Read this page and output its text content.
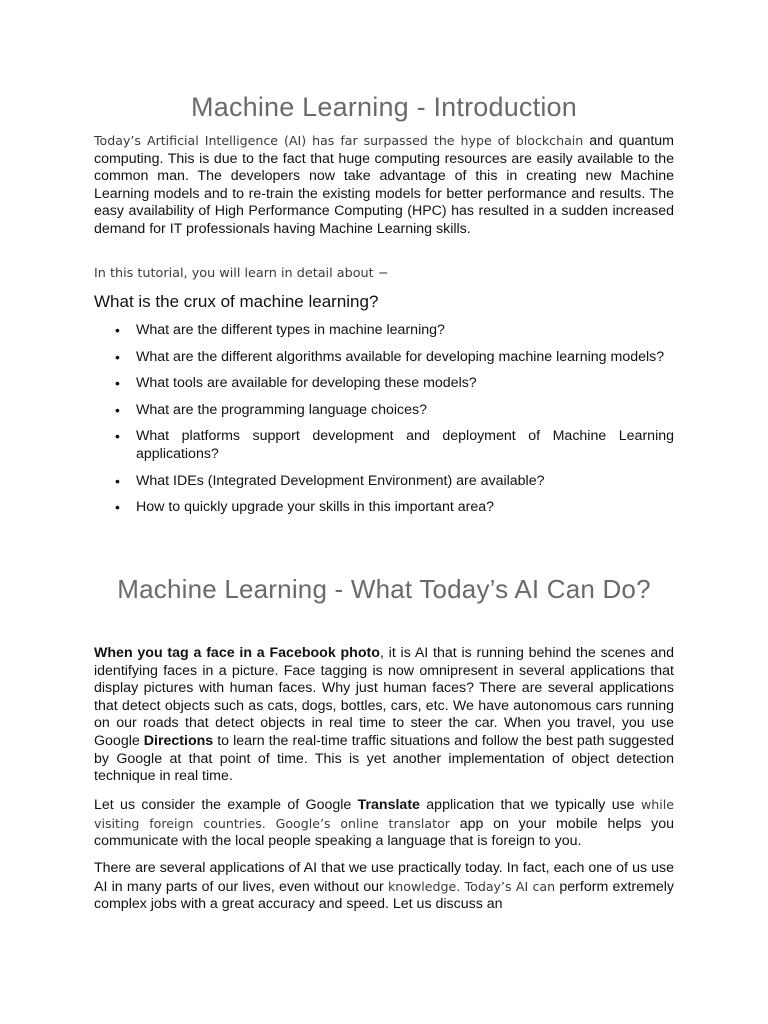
Machine Learning - Introduction

Today’s Artificial Intelligence (AI) has far surpassed the hype of blockchain and quantum computing. This is due to the fact that huge computing resources are easily available to the common man. The developers now take advantage of this in creating new Machine Learning models and to re-train the existing models for better performance and results. The easy availability of High Performance Computing (HPC) has resulted in a sudden increased demand for IT professionals having Machine Learning skills.

In this tutorial, you will learn in detail about −

What is the crux of machine learning?
• What are the different types in machine learning?
• What are the different algorithms available for developing machine learning models?
• What tools are available for developing these models?
• What are the programming language choices?
• What platforms support development and deployment of Machine Learning applications?
• What IDEs (Integrated Development Environment) are available?
• How to quickly upgrade your skills in this important area?
Machine Learning - What Today’s AI Can Do?

When you tag a face in a Facebook photo, it is AI that is running behind the scenes and identifying faces in a picture. Face tagging is now omnipresent in several applications that display pictures with human faces. Why just human faces? There are several applications that detect objects such as cats, dogs, bottles, cars, etc. We have autonomous cars running on our roads that detect objects in real time to steer the car. When you travel, you use Google Directions to learn the real-time traffic situations and follow the best path suggested by Google at that point of time. This is yet another implementation of object detection technique in real time.

Let us consider the example of Google Translate application that we typically use while visiting foreign countries. Google’s online translator app on your mobile helps you communicate with the local people speaking a language that is foreign to you.

There are several applications of AI that we use practically today. In fact, each one of us use AI in many parts of our lives, even without our knowledge. Today’s AI can perform extremely complex jobs with a great accuracy and speed. Let us discuss an
